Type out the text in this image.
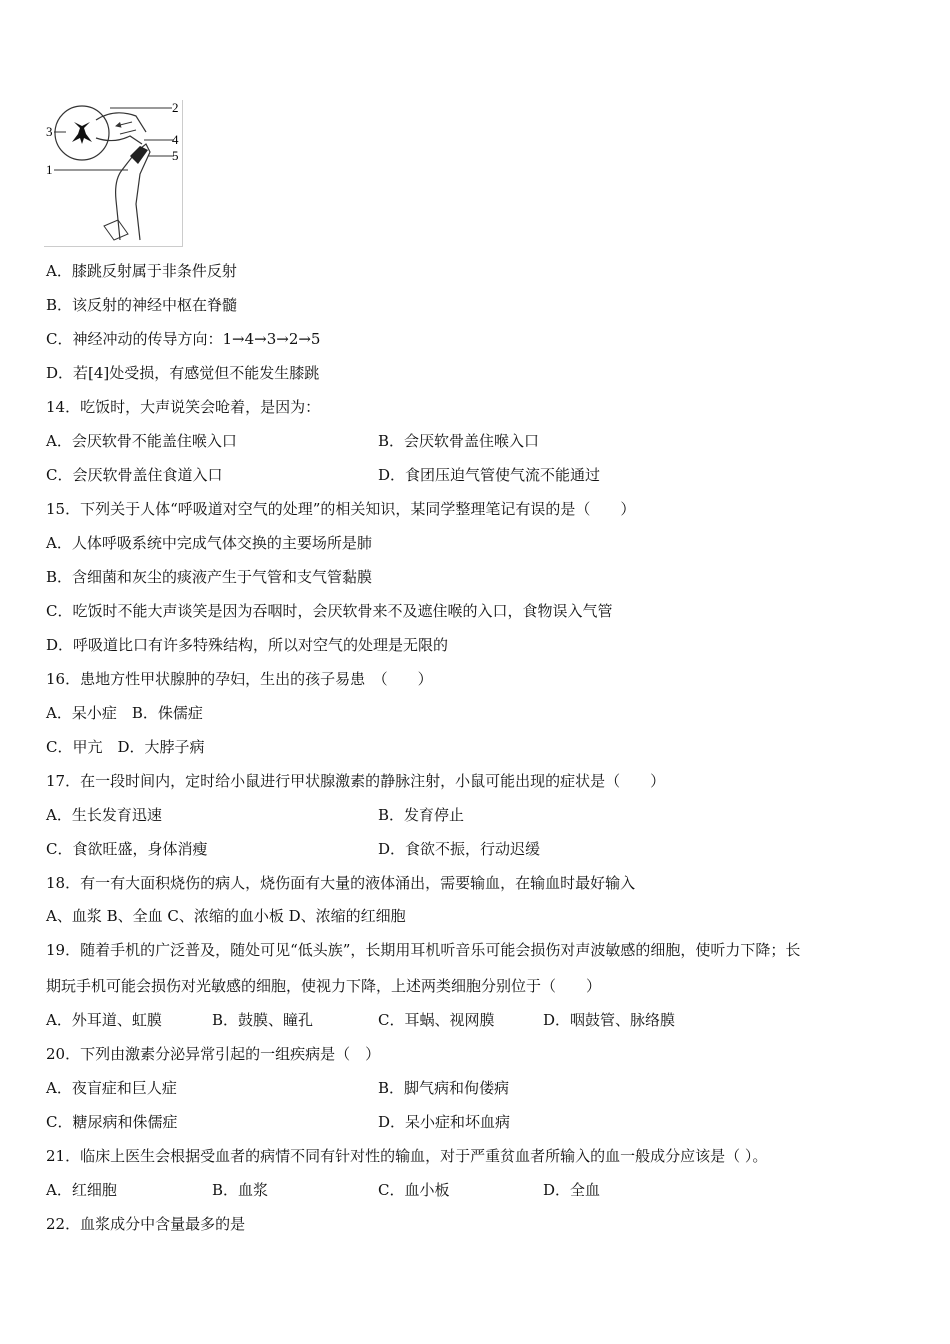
1
2
3
4
5
A．膝跳反射属于非条件反射
B．该反射的神经中枢在脊髓
C．神经冲动的传导方向：1→4→3→2→5
D．若[4]处受损，有感觉但不能发生膝跳
14．吃饭时，大声说笑会呛着，是因为：
A．会厌软骨不能盖住喉入口	B．会厌软骨盖住喉入口
C．会厌软骨盖住食道入口	D．食团压迫气管使气流不能通过
15．下列关于人体“呼吸道对空气的处理”的相关知识，某同学整理笔记有误的是（　　）
A．人体呼吸系统中完成气体交换的主要场所是肺
B．含细菌和灰尘的痰液产生于气管和支气管黏膜
C．吃饭时不能大声谈笑是因为吞咽时，会厌软骨来不及遮住喉的入口，食物误入气管
D．呼吸道比口有许多特殊结构，所以对空气的处理是无限的
16．患地方性甲状腺肿的孕妇，生出的孩子易患　（　　）
A．呆小症　B．侏儒症
C．甲亢　D．大脖子病
17．在一段时间内，定时给小鼠进行甲状腺激素的静脉注射，小鼠可能出现的症状是（　　）
A．生长发育迅速	B．发育停止
C．食欲旺盛，身体消瘦	D．食欲不振，行动迟缓
18．有一有大面积烧伤的病人，烧伤面有大量的液体涌出，需要输血，在输血时最好输入
A、血浆 B、全血 C、浓缩的血小板 D、浓缩的红细胞
19．随着手机的广泛普及，随处可见“低头族”，长期用耳机听音乐可能会损伤对声波敏感的细胞，使听力下降；长
期玩手机可能会损伤对光敏感的细胞，使视力下降，上述两类细胞分别位于（　　）
A．外耳道、虹膜	B．鼓膜、瞳孔	C．耳蜗、视网膜	D．咽鼓管、脉络膜
20．下列由激素分泌异常引起的一组疾病是（　）
A．夜盲症和巨人症	B．脚气病和佝偻病
C．糖尿病和侏儒症	D．呆小症和坏血病
21．临床上医生会根据受血者的病情不同有针对性的输血，对于严重贫血者所输入的血一般成分应该是（ ）。
A．红细胞	B．血浆	C．血小板	D．全血
22．血浆成分中含量最多的是
